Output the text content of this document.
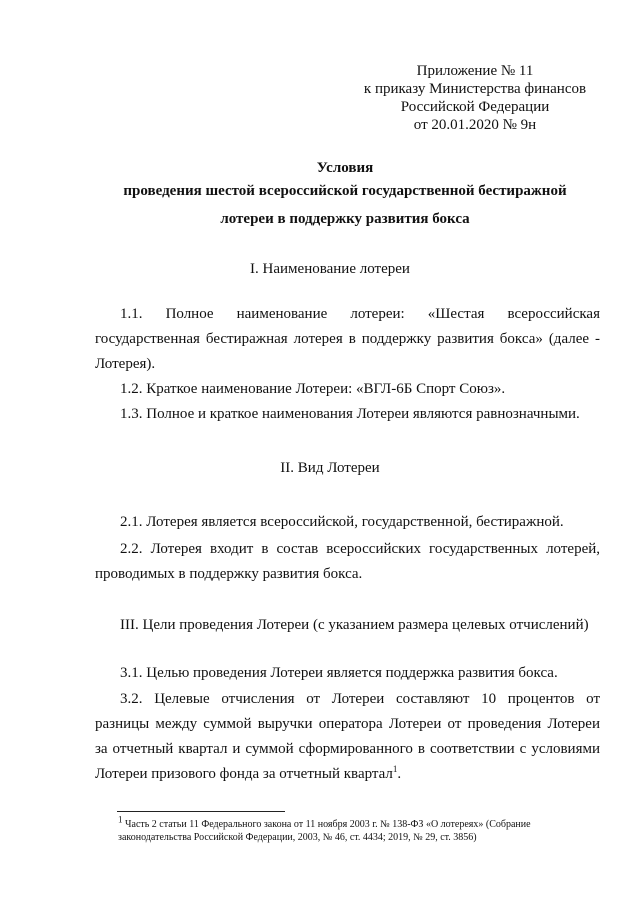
Приложение № 11
к приказу Министерства финансов
Российской Федерации
от 20.01.2020 № 9н
Условия
проведения шестой всероссийской государственной бестиражной
лотереи в поддержку развития бокса
I. Наименование лотереи
1.1. Полное наименование лотереи: «Шестая всероссийская
государственная бестиражная лотерея в поддержку развития бокса» (далее -
Лотерея).
1.2. Краткое наименование Лотереи: «ВГЛ-6Б Спорт Союз».
1.3. Полное и краткое наименования Лотереи являются равнозначными.
II. Вид Лотереи
2.1. Лотерея является всероссийской, государственной, бестиражной.
2.2. Лотерея входит в состав всероссийских государственных лотерей,
проводимых в поддержку развития бокса.
III. Цели проведения Лотереи (с указанием размера целевых отчислений)
3.1. Целью проведения Лотереи является поддержка развития бокса.
3.2. Целевые отчисления от Лотереи составляют 10 процентов от
разницы между суммой выручки оператора Лотереи от проведения Лотереи
за отчетный квартал и суммой сформированного в соответствии с условиями
Лотереи призового фонда за отчетный квартал$^1$.
$^1$ Часть 2 статьи 11 Федерального закона от 11 ноября 2003 г. № 138-ФЗ «О лотереях» (Собрание
законодательства Российской Федерации, 2003, № 46, ст. 4434; 2019, № 29, ст. 3856)
